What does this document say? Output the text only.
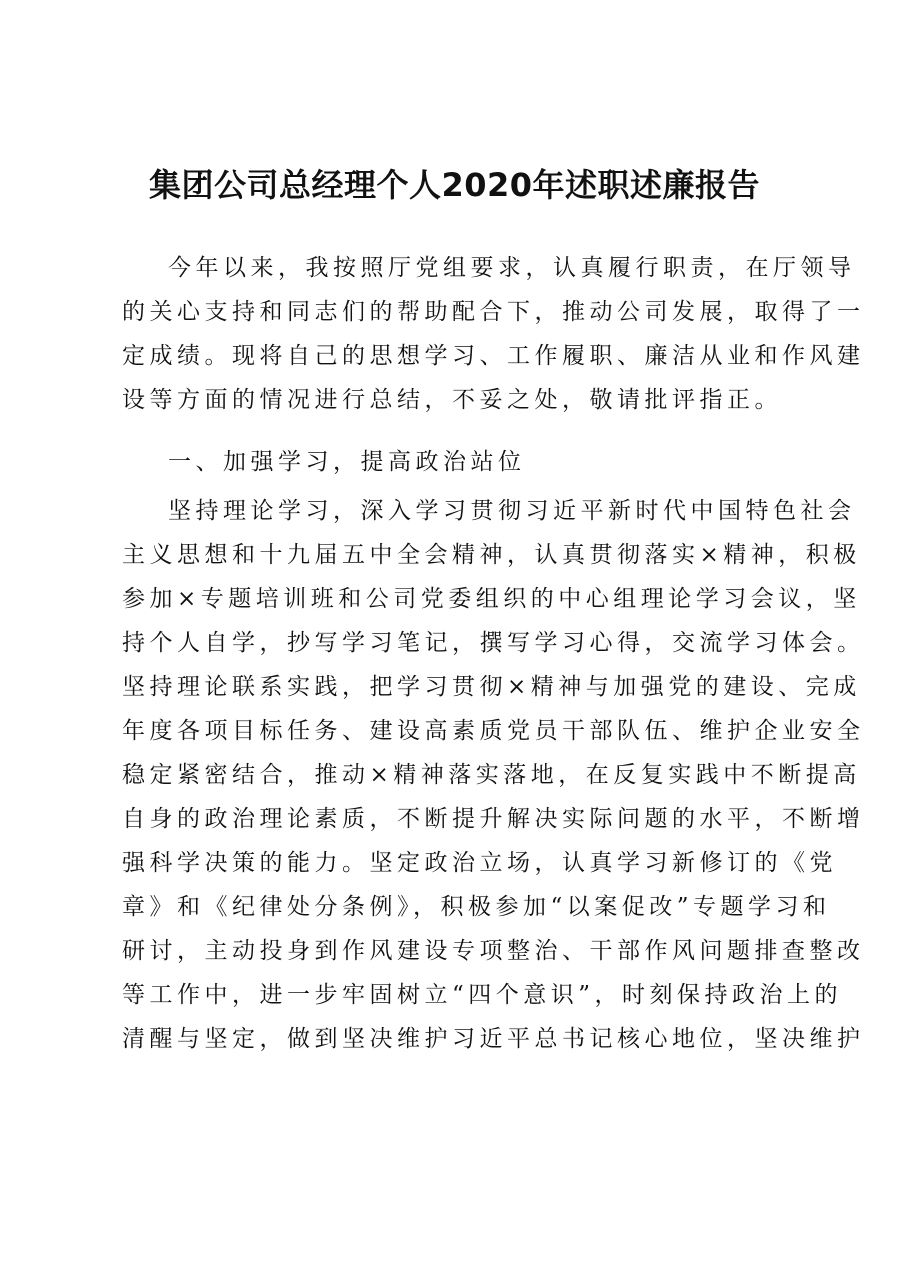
集团公司总经理个人2020年述职述廉报告
今年以来，我按照厅党组要求，认真履行职责，在厅领导
的关心支持和同志们的帮助配合下，推动公司发展，取得了一
定成绩。现将自己的思想学习、工作履职、廉洁从业和作风建
设等方面的情况进行总结，不妥之处，敬请批评指正。
一、加强学习，提高政治站位
坚持理论学习，深入学习贯彻习近平新时代中国特色社会
主义思想和十九届五中全会精神，认真贯彻落实×精神，积极
参加×专题培训班和公司党委组织的中心组理论学习会议，坚
持个人自学，抄写学习笔记，撰写学习心得，交流学习体会。
坚持理论联系实践，把学习贯彻×精神与加强党的建设、完成
年度各项目标任务、建设高素质党员干部队伍、维护企业安全
稳定紧密结合，推动×精神落实落地，在反复实践中不断提高
自身的政治理论素质，不断提升解决实际问题的水平，不断增
强科学决策的能力。坚定政治立场，认真学习新修订的《党
章》和《纪律处分条例》，积极参加“以案促改”专题学习和
研讨，主动投身到作风建设专项整治、干部作风问题排查整改
等工作中，进一步牢固树立“四个意识”，时刻保持政治上的
清醒与坚定，做到坚决维护习近平总书记核心地位，坚决维护
